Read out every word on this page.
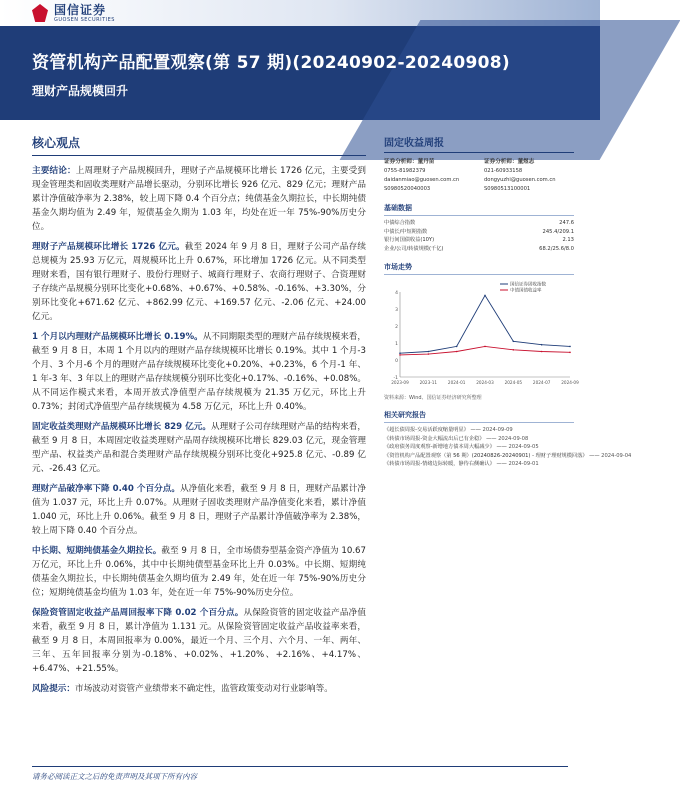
国信证券
GUOSEN SECURITIES
资管机构产品配置观察(第 57 期)(20240902-20240908)
理财产品规模回升
核心观点

主要结论：上周理财子产品规模回升，理财子产品规模环比增长 1726 亿元，主要受到现金管理类和固收类理财产品增长驱动，分别环比增长 926 亿元、829 亿元；理财产品累计净值破净率为 2.38%，较上周下降 0.4 个百分点；纯债基金久期拉长，中长期纯债基金久期均值为 2.49 年，短债基金久期为 1.03 年，均处在近一年 75%-90%历史分位。

理财子产品规模环比增长 1726 亿元。截至 2024 年 9 月 8 日，理财子公司产品存续总规模为 25.93 万亿元，周规模环比上升 0.67%，环比增加 1726 亿元。从不同类型理财来看，国有银行理财子、股份行理财子、城商行理财子、农商行理财子、合资理财子存续产品规模分别环比变化+0.68%、+0.67%、+0.58%、-0.16%、+3.30%，分别环比变化+671.62 亿元、+862.99 亿元、+169.57 亿元、-2.06 亿元、+24.00 亿元。

1 个月以内理财产品规模环比增长 0.19%。从不同期限类型的理财产品存续规模来看，截至 9 月 8 日，本周 1 个月以内的理财产品存续规模环比增长 0.19%。其中 1 个月-3 个月、3 个月-6 个月的理财产品存续规模环比变化+0.20%、+0.23%，6 个月-1 年、1 年-3 年、3 年以上的理财产品存续规模分别环比变化+0.17%、-0.16%、+0.08%。从不同运作模式来看，本周开放式净值型产品存续规模为 21.35 万亿元，环比上升 0.73%；封闭式净值型产品存续规模为 4.58 万亿元，环比上升 0.40%。

固定收益类理财产品规模环比增长 829 亿元。从理财子公司存续理财产品的结构来看，截至 9 月 8 日，本周固定收益类理财产品周存续规模环比增长 829.03 亿元，现金管理型产品、权益类产品和混合类理财产品存续规模分别环比变化+925.8 亿元、-0.89 亿元、-26.43 亿元。

理财产品破净率下降 0.40 个百分点。从净值化来看，截至 9 月 8 日，理财产品累计净值为 1.037 元，环比上升 0.07%。从理财子固收类理财产品净值变化来看，累计净值 1.040 元，环比上升 0.06%。截至 9 月 8 日，理财子产品累计净值破净率为 2.38%，较上周下降 0.40 个百分点。

中长期、短期纯债基金久期拉长。截至 9 月 8 日，全市场债券型基金资产净值为 10.67 万亿元，环比上升 0.06%，其中中长期纯债型基金环比上升 0.03%。中长期、短期纯债基金久期拉长，中长期纯债基金久期均值为 2.49 年，处在近一年 75%-90%历史分位；短期纯债基金均值为 1.03 年，处在近一年 75%-90%历史分位。

保险资管固定收益产品周回报率下降 0.02 个百分点。从保险资管的固定收益产品净值来看，截至 9 月 8 日，累计净值为 1.131 元。从保险资管固定收益产品收益率来看，截至 9 月 8 日，本周回报率为 0.00%，最近一个月、三个月、六个月、一年、两年、三年、五年回报率分别为-0.18%、+0.02%、+1.20%、+2.16%、+4.17%、+6.47%、+21.55%。

风险提示：市场波动对资管产业绩带来不确定性，监管政策变动对行业影响等。

固定收益周报
证券分析师：董丹苗
0755-81982379
daidanmiao@guosen.com.cn
S0980520040003
证券分析师：董煜志
021-60933158
dongyuzhi@guosen.com.cn
S0980513100001
基础数据
中债综合指数	247.6
中债长/中短期指数	245.4/209.1
银行间国债收益(10Y)	2.13
企业/公司/转债规模(千亿)	68.2/25.6/8.0
市场走势
-1
0
1
2
3
4
2023-09	2023-11	2024-01	2024-03	2024-05	2024-07	2024-09
国信证券固收指数
中债国债收益率
资料来源：Wind、国信证券经济研究所整理
相关研究报告
《超长债周报-交易活跃度缩量明显》 —— 2024-09-09
《转债市场周报-资金大幅流出后已有企稳》 —— 2024-09-08
《政府债务周度观察-新增地方债本周大幅减少》 —— 2024-09-05
《资管机构产品配置观察（第 56 期）(20240826-20240901) - 理财子理财规模回落》 —— 2024-09-04
《转债市场周报-情绪边际转暖，静待右侧确认》 —— 2024-09-01
请务必阅读正文之后的免责声明及其项下所有内容
